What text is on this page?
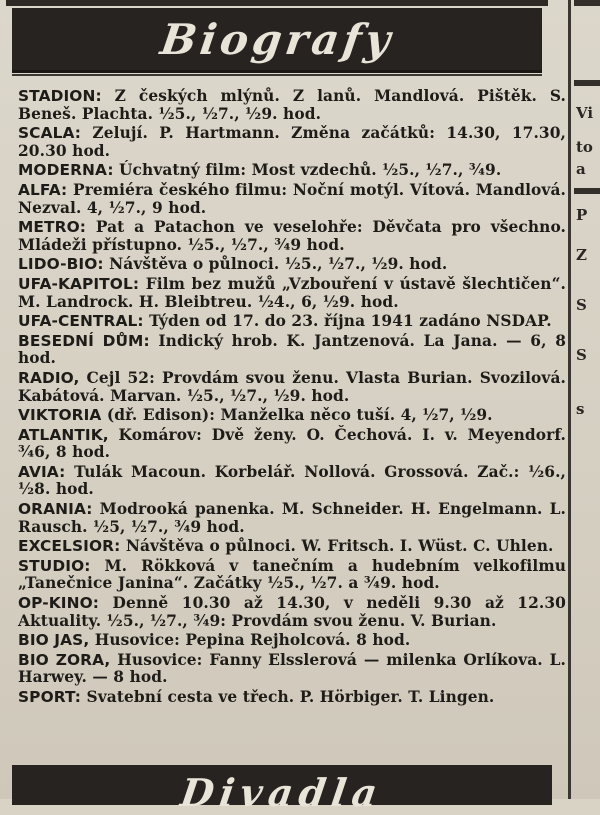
Biografy

STADION: Z českých mlýnů. Z lanů. Mandlová. Pištěk. S. Beneš. Plachta. ½5., ½7., ½9. hod.

SCALA: Zelují. P. Hartmann. Změna začátků: 14.30, 17.30, 20.30 hod.

MODERNA: Úchvatný film: Most vzdechů. ½5., ½7., ¾9.

ALFA: Premiéra českého filmu: Noční motýl. Vítová. Mandlová. Nezval. 4, ½7., 9 hod.

METRO: Pat a Patachon ve veselohře: Děvčata pro všechno. Mládeži přístupno. ½5., ½7., ¾9 hod.

LIDO-BIO: Návštěva o půlnoci. ½5., ½7., ½9. hod.

UFA-KAPITOL: Film bez mužů „Vzbouření v ústavě šlechtičen“. M. Landrock. H. Bleibtreu. ½4., 6, ½9. hod.

UFA-CENTRAL: Týden od 17. do 23. října 1941 zadáno NSDAP.

BESEDNÍ DŮM: Indický hrob. K. Jantzenová. La Jana. — 6, 8 hod.

RADIO, Cejl 52: Provdám svou ženu. Vlasta Burian. Svozilová. Kabátová. Marvan. ½5., ½7., ½9. hod.

VIKTORIA (dř. Edison): Manželka něco tuší. 4, ½7, ½9.

ATLANTIK, Komárov: Dvě ženy. O. Čechová. I. v. Meyendorf. ¾6, 8 hod.

AVIA: Tulák Macoun. Korbelář. Nollová. Grossová. Zač.: ½6., ½8. hod.

ORANIA: Modrooká panenka. M. Schneider. H. Engelmann. L. Rausch. ½5, ½7., ¾9 hod.

EXCELSIOR: Návštěva o půlnoci. W. Fritsch. I. Wüst. C. Uhlen.

STUDIO: M. Rökková v tanečním a hudebním velkofilmu „Tanečnice Janina“. Začátky ½5., ½7. a ¾9. hod.

OP-KINO: Denně 10.30 až 14.30, v neděli 9.30 až 12.30 Aktuality. ½5., ½7., ¾9: Provdám svou ženu. V. Burian.

BIO JAS, Husovice: Pepina Rejholcová. 8 hod.

BIO ZORA, Husovice: Fanny Elsslerová — milenka Orlíkova. L. Harwey. — 8 hod.

SPORT: Svatební cesta ve třech. P. Hörbiger. T. Lingen.

Divadla
Vi
to
a
P
Z
S
S
s
